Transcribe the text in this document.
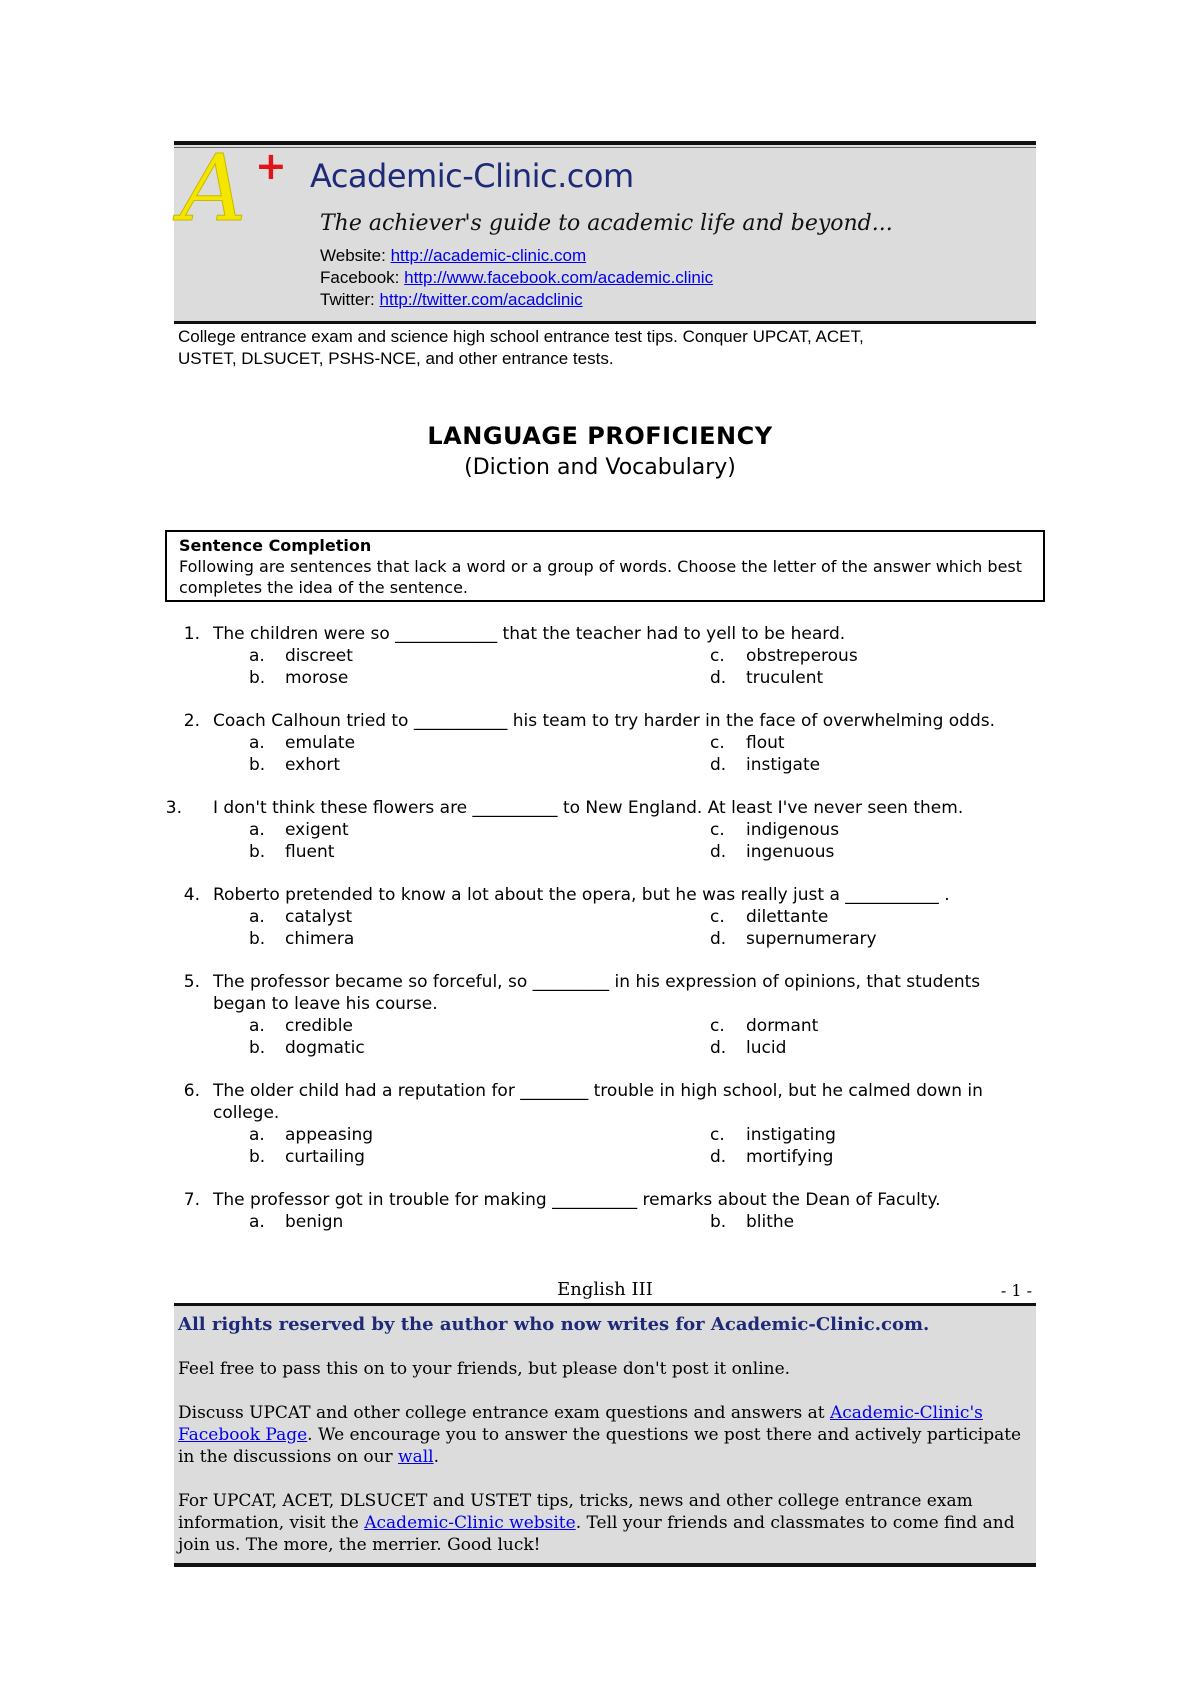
A + Academic-Clinic.com
The achiever's guide to academic life and beyond...
Website: http://academic-clinic.com
Facebook: http://www.facebook.com/academic.clinic
Twitter: http://twitter.com/acadclinic
College entrance exam and science high school entrance test tips. Conquer UPCAT, ACET,
USTET, DLSUCET, PSHS-NCE, and other entrance tests.
LANGUAGE PROFICIENCY
(Diction and Vocabulary)
Sentence Completion
Following are sentences that lack a word or a group of words. Choose the letter of the answer which best completes the idea of the sentence.
1. The children were so ____________ that the teacher had to yell to be heard.
a. discreet	c. obstreperous
b. morose	d. truculent
2. Coach Calhoun tried to ___________ his team to try harder in the face of overwhelming odds.
a. emulate	c. flout
b. exhort	d. instigate
3. I don't think these flowers are __________ to New England. At least I've never seen them.
a. exigent	c. indigenous
b. fluent	d. ingenuous
4. Roberto pretended to know a lot about the opera, but he was really just a ___________ .
a. catalyst	c. dilettante
b. chimera	d. supernumerary
5. The professor became so forceful, so _________ in his expression of opinions, that students began to leave his course.
a. credible	c. dormant
b. dogmatic	d. lucid
6. The older child had a reputation for ________ trouble in high school, but he calmed down in college.
a. appeasing	c. instigating
b. curtailing	d. mortifying
7. The professor got in trouble for making __________ remarks about the Dean of Faculty.
a. benign	b. blithe
English III	- 1 -

All rights reserved by the author who now writes for Academic-Clinic.com.

Feel free to pass this on to your friends, but please don't post it online.

Discuss UPCAT and other college entrance exam questions and answers at Academic-Clinic's Facebook Page. We encourage you to answer the questions we post there and actively participate in the discussions on our wall.

For UPCAT, ACET, DLSUCET and USTET tips, tricks, news and other college entrance exam information, visit the Academic-Clinic website. Tell your friends and classmates to come find and join us. The more, the merrier. Good luck!
